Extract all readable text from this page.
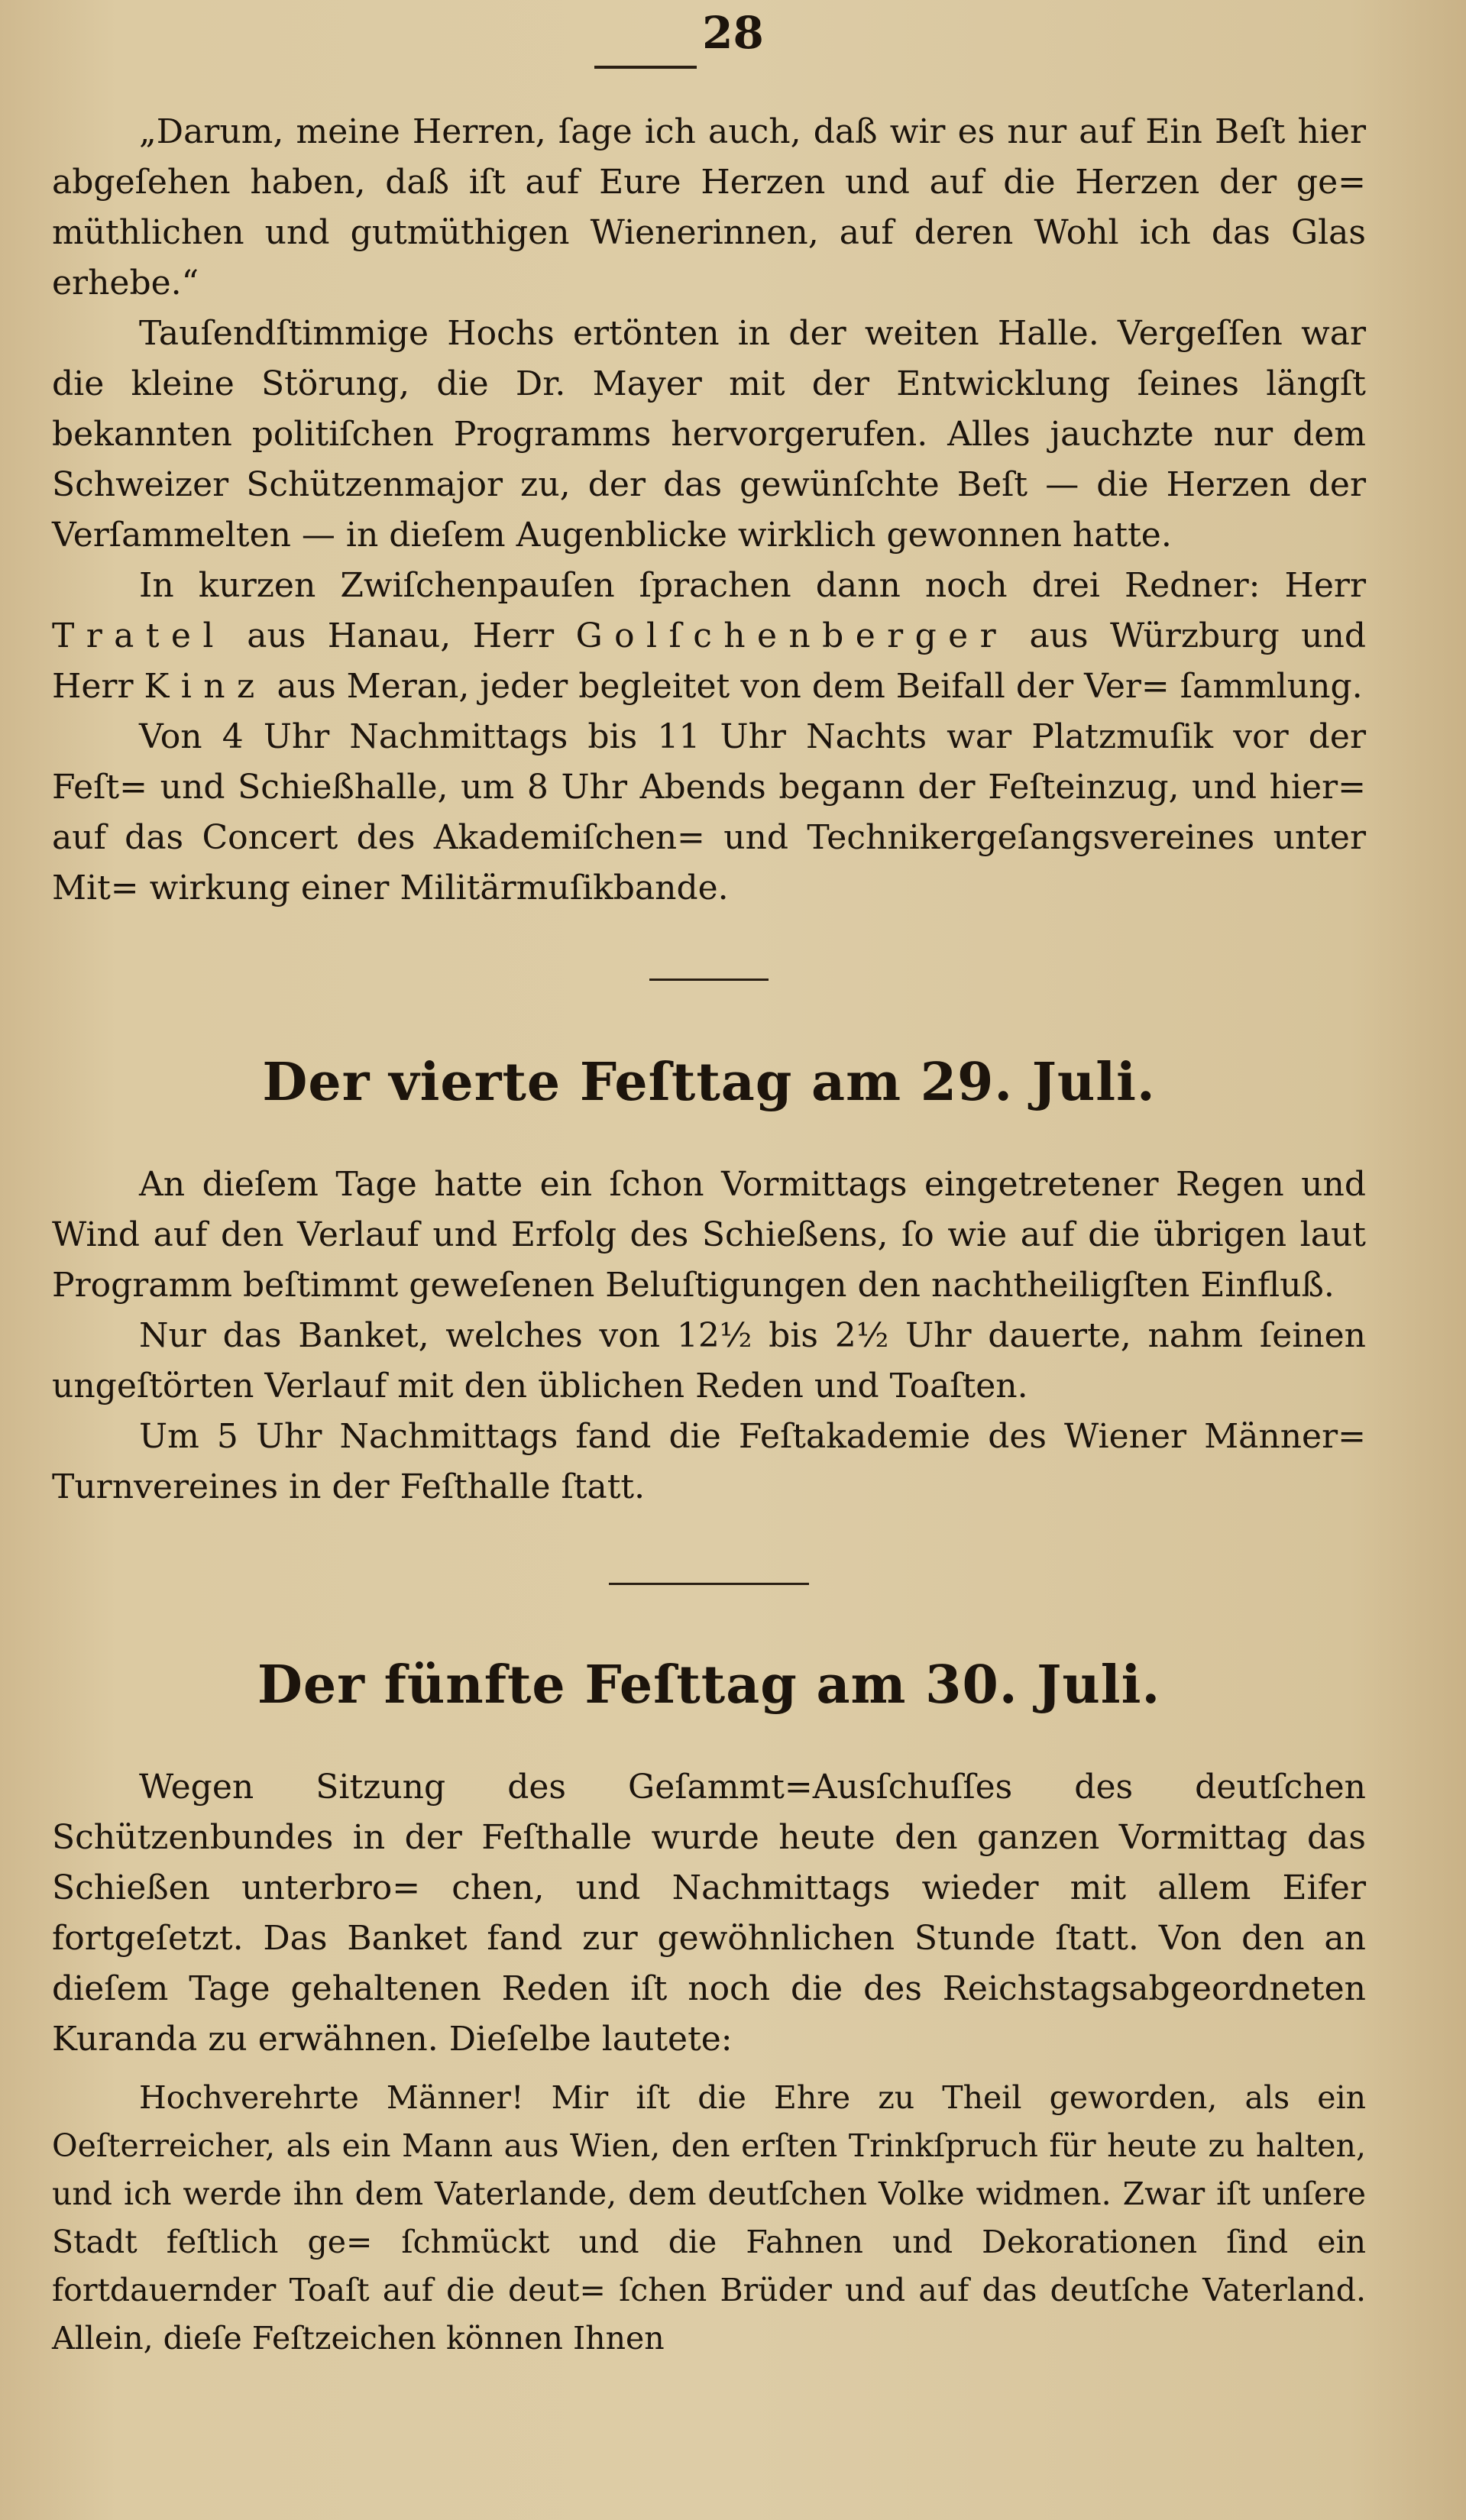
28

„Darum, meine Herren, ſage ich auch, daß wir es nur auf Ein Beſt hier abgeſehen haben, daß iſt auf Eure Herzen und auf die Herzen der ge= müthlichen und gutmüthigen Wienerinnen, auf deren Wohl ich das Glas erhebe.“

Tauſendſtimmige Hochs ertönten in der weiten Halle. Vergeſſen war die kleine Störung, die Dr. Mayer mit der Entwicklung ſeines längſt bekannten politiſchen Programms hervorgerufen. Alles jauchzte nur dem Schweizer Schützenmajor zu, der das gewünſchte Beſt — die Herzen der Verſammelten — in dieſem Augenblicke wirklich gewonnen hatte.

In kurzen Zwiſchenpauſen ſprachen dann noch drei Redner: Herr Tratel aus Hanau, Herr Golſchenberger aus Würzburg und Herr Kinz aus Meran, jeder begleitet von dem Beifall der Ver= ſammlung.

Von 4 Uhr Nachmittags bis 11 Uhr Nachts war Platzmuſik vor der Feſt= und Schießhalle, um 8 Uhr Abends begann der Feſteinzug, und hier= auf das Concert des Akademiſchen= und Technikergeſangsvereines unter Mit= wirkung einer Militärmuſikbande.

Der vierte Feſttag am 29. Juli.

An dieſem Tage hatte ein ſchon Vormittags eingetretener Regen und Wind auf den Verlauf und Erfolg des Schießens, ſo wie auf die übrigen laut Programm beſtimmt geweſenen Beluſtigungen den nachtheiligſten Einfluß.

Nur das Banket, welches von 12½ bis 2½ Uhr dauerte, nahm ſeinen ungeſtörten Verlauf mit den üblichen Reden und Toaſten.

Um 5 Uhr Nachmittags fand die Feſtakademie des Wiener Männer= Turnvereines in der Feſthalle ſtatt.

Der fünfte Feſttag am 30. Juli.

Wegen Sitzung des Geſammt=Ausſchuſſes des deutſchen Schützenbundes in der Feſthalle wurde heute den ganzen Vormittag das Schießen unterbro= chen, und Nachmittags wieder mit allem Eifer fortgeſetzt. Das Banket fand zur gewöhnlichen Stunde ſtatt. Von den an dieſem Tage gehaltenen Reden iſt noch die des Reichstagsabgeordneten Kuranda zu erwähnen. Dieſelbe lautete:

Hochverehrte Männer! Mir iſt die Ehre zu Theil geworden, als ein Oeſterreicher, als ein Mann aus Wien, den erſten Trinkſpruch für heute zu halten, und ich werde ihn dem Vaterlande, dem deutſchen Volke widmen. Zwar iſt unſere Stadt feſtlich ge= ſchmückt und die Fahnen und Dekorationen ſind ein fortdauernder Toaſt auf die deut= ſchen Brüder und auf das deutſche Vaterland. Allein, dieſe Feſtzeichen können Ihnen
